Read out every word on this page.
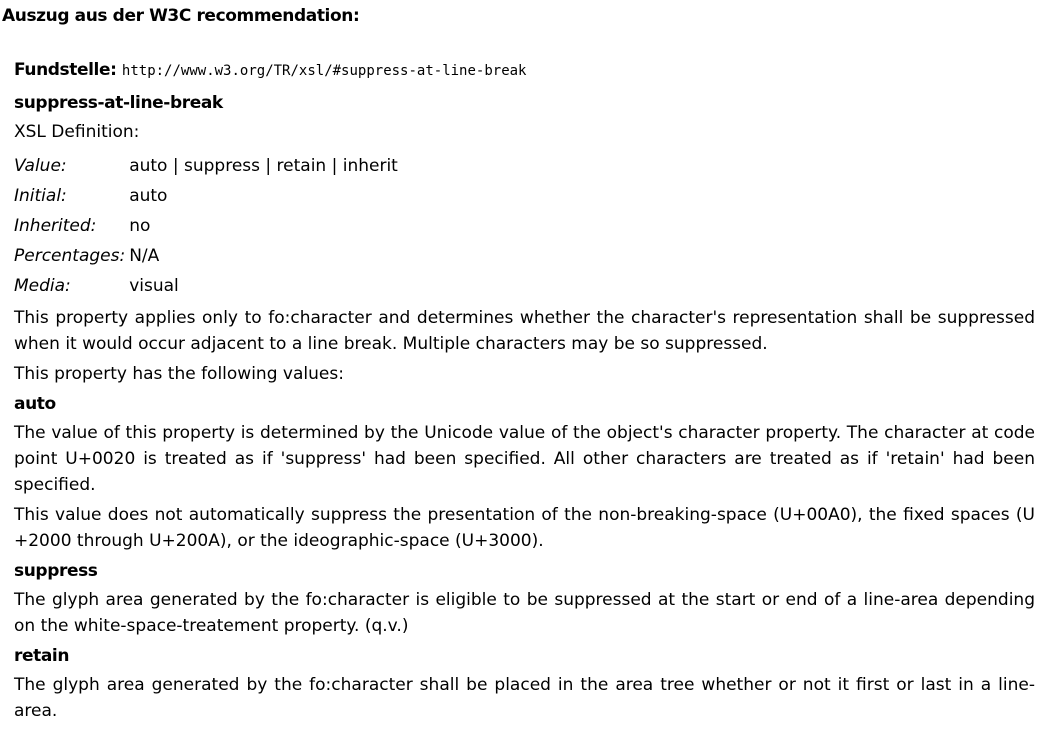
Auszug aus der W3C recommendation:
Fundstelle: http://www.w3.org/TR/xsl/#suppress-at-line-break
suppress-at-line-break
XSL Definition:
Value:	auto | suppress | retain | inherit
Initial:	auto
Inherited:	no
Percentages:	N/A
Media:	visual

This property applies only to fo:character and determines whether the character's representation shall be suppressed when it would occur adjacent to a line break. Multiple characters may be so suppressed.

This property has the following values:

auto

The value of this property is determined by the Unicode value of the object's character property. The character at code point U+0020 is treated as if 'suppress' had been specified. All other characters are treated as if 'retain' had been specified.

This value does not automatically suppress the presentation of the non-breaking-space (U+00A0), the fixed spaces (U +2000 through U+200A), or the ideographic-space (U+3000).

suppress

The glyph area generated by the fo:character is eligible to be suppressed at the start or end of a line-area depending on the white-space-treatement property. (q.v.)

retain

The glyph area generated by the fo:character shall be placed in the area tree whether or not it first or last in a line-area.
